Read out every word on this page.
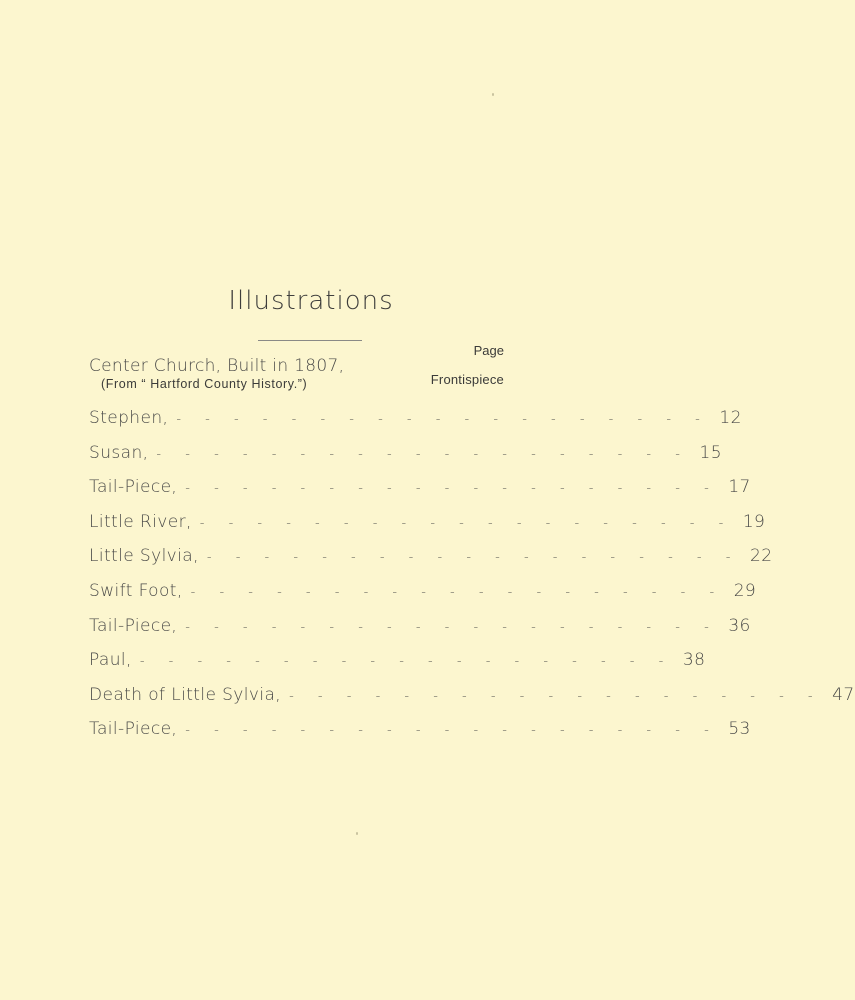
Illustrations
Page
Center Church, Built in 1807,
(From “ Hartford County History.”)	Frontispiece
Stephen, - - - - - - - - - - - - - - - - - - - 12
Susan, - - - - - - - - - - - - - - - - - - - 15
Tail-Piece, - - - - - - - - - - - - - - - - - - - 17
Little River, - - - - - - - - - - - - - - - - - - - 19
Little Sylvia, - - - - - - - - - - - - - - - - - - - 22
Swift Foot, - - - - - - - - - - - - - - - - - - - 29
Tail-Piece, - - - - - - - - - - - - - - - - - - - 36
Paul, - - - - - - - - - - - - - - - - - - - 38
Death of Little Sylvia, - - - - - - - - - - - - - - - - - - - 47
Tail-Piece, - - - - - - - - - - - - - - - - - - - 53
